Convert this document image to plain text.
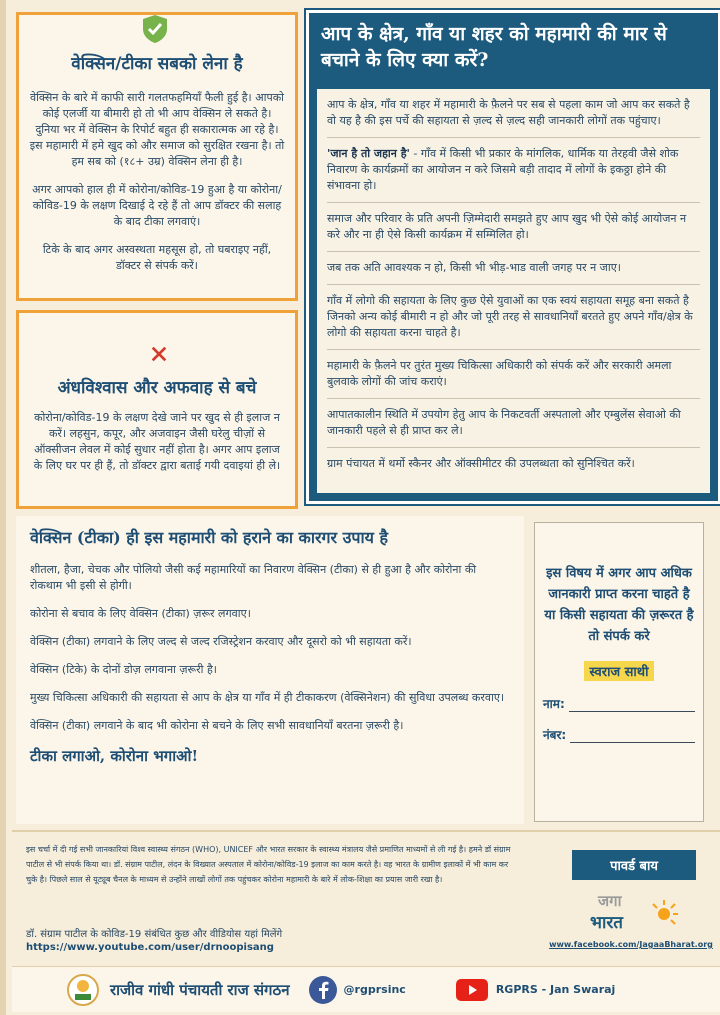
वेक्सिन/टीका सबको लेना है
वेक्सिन के बारे में काफी सारी गलतफहमियाँ फैली हुई है। आपको कोई एलर्जी या बीमारी हो तो भी आप वेक्सिन ले सकते है। दुनिया भर में वेक्सिन के रिपोर्ट बहुत ही सकारात्मक आ रहे है। इस महामारी में हमे खुद को और समाज को सुरक्षित रखना है। तो हम सब को (१८+ उम्र) वेक्सिन लेना ही है।
अगर आपको हाल ही में कोरोना/कोविड-19 हुआ है या कोरोना/कोविड-19 के लक्षण दिखाई दे रहे हैं तो आप डॉक्टर की सलाह के बाद टीका लगवाएं।
टिके के बाद अगर अस्वस्थता महसूस हो, तो घबराइए नहीं, डॉक्टर से संपर्क करें।
अंधविश्वास और अफवाह से बचे
कोरोना/कोविड-19 के लक्षण देखे जाने पर खुद से ही इलाज न करें। लहसुन, कपूर, और अजवाइन जैसी घरेलु चीज़ों से ऑक्सीजन लेवल में कोई सुधार नहीं होता है। अगर आप इलाज के लिए घर पर ही हैं, तो डॉक्टर द्वारा बताई गयी दवाइयां ही ले।
आप के क्षेत्र, गाँव या शहर को महामारी की मार से बचाने के लिए क्या करें?

आप के क्षेत्र, गाँव या शहर में महामारी के फ़ैलने पर सब से पहला काम जो आप कर सकते है वो यह है की इस पर्चे की सहायता से ज़ल्द से ज़ल्द सही जानकारी लोगों तक पहुंचाए।

'जान है तो जहान है' - गाँव में किसी भी प्रकार के मांगलिक, धार्मिक या तेरहवी जैसे शोक निवारण के कार्यक्रमों का आयोजन न करे जिसमे बड़ी तादाद में लोगों के इकठ्ठा होने की संभावना हो।

समाज और परिवार के प्रति अपनी ज़िम्मेदारी समझते हुए आप खुद भी ऐसे कोई आयोजन न करे और ना ही ऐसे किसी कार्यक्रम में सम्मिलित हो।

जब तक अति आवश्यक न हो, किसी भी भीड़-भाड वाली जगह पर न जाए।

गाँव में लोगो की सहायता के लिए कुछ ऐसे युवाओं का एक स्वयं सहायता समूह बना सकते है जिनको अन्य कोई बीमारी न हो और जो पूरी तरह से सावधानियाँ बरतते हुए अपने गाँव/क्षेत्र के लोगो की सहायता करना चाहते है।

महामारी के फ़ैलने पर तुरंत मुख्य चिकित्सा अधिकारी को संपर्क करें और सरकारी अमला बुलवाके लोगों की जांच कराएं।

आपातकालीन स्थिति में उपयोग हेतु आप के निकटवर्ती अस्पतालो और एम्बुलेंस सेवाओ की जानकारी पहले से ही प्राप्त कर ले।

ग्राम पंचायत में थर्मो स्कैनर और ऑक्सीमीटर की उपलब्धता को सुनिश्चित करें।

वेक्सिन (टीका) ही इस महामारी को हराने का कारगर उपाय है

शीतला, हैजा, चेचक और पोलियो जैसी कई महामारियों का निवारण वेक्सिन (टीका) से ही हुआ है और कोरोना की रोकथाम भी इसी से होगी।

कोरोना से बचाव के लिए वेक्सिन (टीका) ज़रूर लगवाए।

वेक्सिन (टीका) लगवाने के लिए जल्द से जल्द रजिस्ट्रेशन करवाए और दूसरो को भी सहायता करें।

वेक्सिन (टिके) के दोनों डोज़ लगवाना ज़रूरी है।

मुख्य चिकित्सा अधिकारी की सहायता से आप के क्षेत्र या गाँव में ही टीकाकरण (वेक्सिनेशन) की सुविधा उपलब्ध करवाए।

वेक्सिन (टीका) लगवाने के बाद भी कोरोना से बचने के लिए सभी सावधानियाँ बरतना ज़रूरी है।

टीका लगाओ, कोरोना भगाओ!
इस विषय में अगर आप अधिक जानकारी प्राप्त करना चाहते है या किसी सहायता की ज़रूरत है तो संपर्क करे
स्वराज साथी
नाम:
नंबर:
इस चर्चा में दी गई सभी जानकारियां विश्व स्वास्थ्य संगठन (WHO), UNICEF और भारत सरकार के स्वास्थ्य मंत्रालय जैसे प्रमाणित माध्यमों से ली गई है। हमने डॉ संग्राम पाटील से भी संपर्क किया था। डॉ. संग्राम पाटील, लंदन के विख्यात अस्पताल में कोरोना/कोविड-19 इलाज का काम करते है। वह भारत के ग्रामीण इलाकों में भी काम कर चुके है। पिछले साल से यूट्यूब चैनल के माध्यम से उन्होंने लाखों लोगों तक पहुंचकर कोरोना महामारी के बारे में लोक-शिक्षा का प्रयास जारी रखा है।
डॉ. संग्राम पाटील के कोविड-19 संबंधित कुछ और वीडियोस यहां मिलेंगे
https://www.youtube.com/user/drnoopisang
पावर्ड बाय
जगा
भारत
www.facebook.com/JagaaBharat.org
राजीव गांधी पंचायती राज संगठन	@rgprsinc	RGPRS - Jan Swaraj
